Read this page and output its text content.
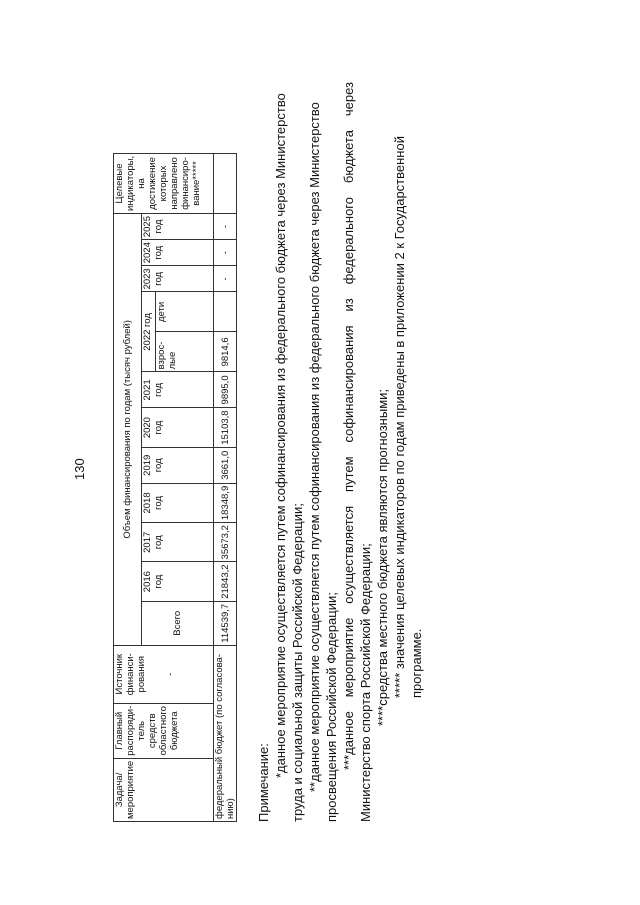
130
Задача/ мероприятие	Главный распоряди-тель средств областного бюджета	Источник финанси-рования -	Объем финансирования по годам (тысяч рублей)												Целевые индикаторы, на достижение которых направлено финансиро-вание*****
			Всего	2016 год	2017 год	2018 год	2019 год	2020 год	2021 год	2022 год		2023 год	2024 год	2025 год	
										взрос-лые	дети				
федеральный бюджет (по согласова-нию)			114539,7	21843,2	35673,2	18348,9	3661,0	15103,8	9895,0	9814,6		-	-	-	

Примечание:

*данное мероприятие осуществляется путем софинансирования из федерального бюджета через Министерство труда и социальной защиты Российской Федерации; **данное мероприятие осуществляется путем софинансирования из федерального бюджета через Министерство просвещения Российской Федерации; ***данное
мероприятие
осуществляется
путем
софинансирования
из
федерального
бюджета
через

Министерство спорта Российской Федерации; ****средства местного бюджета являются прогнозными; ***** значения целевых индикаторов по годам приведены в приложении 2 к Государственной программе.
